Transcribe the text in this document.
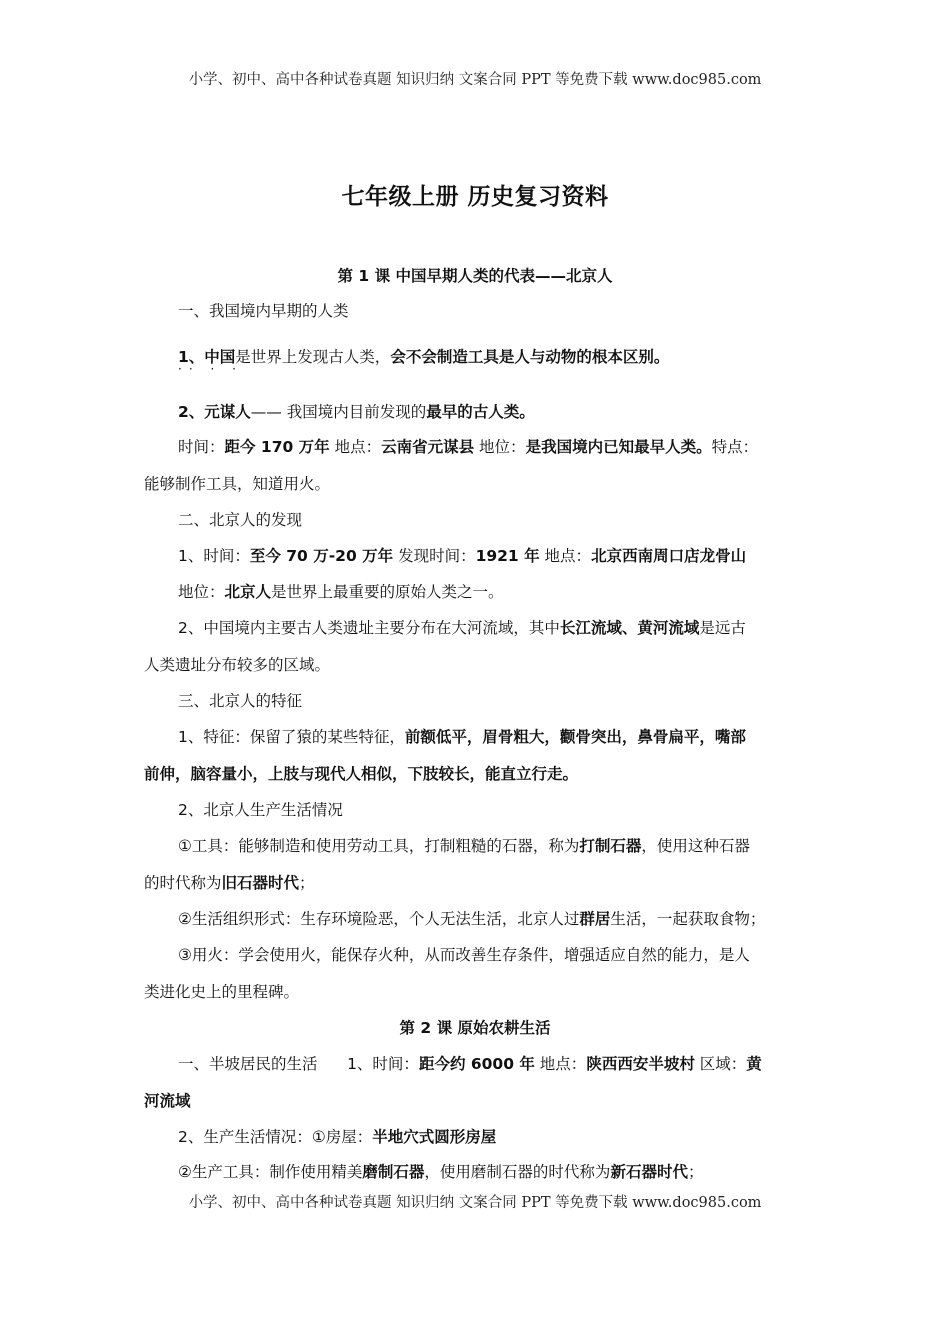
小学、初中、高中各种试卷真题 知识归纳 文案合同 PPT 等免费下载 www.doc985.com
七年级上册 历史复习资料
第 1 课 中国早期人类的代表——北京人
一、我国境内早期的人类
1、中国是世界上发现古人类，会不会制造工具是人与动物的根本区别。
·· · ·
2、元谋人—— 我国境内目前发现的最早的古人类。
时间：距今 170 万年 地点：云南省元谋县 地位：是我国境内已知最早人类。特点：
能够制作工具，知道用火。
二、北京人的发现
1、时间：至今 70 万-20 万年 发现时间：1921 年 地点：北京西南周口店龙骨山
地位：北京人是世界上最重要的原始人类之一。
2、中国境内主要古人类遗址主要分布在大河流域，其中长江流域、黄河流域是远古
人类遗址分布较多的区域。
三、北京人的特征
1、特征：保留了猿的某些特征，前额低平，眉骨粗大，颧骨突出，鼻骨扁平，嘴部
前伸，脑容量小，上肢与现代人相似，下肢较长，能直立行走。
2、北京人生产生活情况
①工具：能够制造和使用劳动工具，打制粗糙的石器，称为打制石器，使用这种石器
的时代称为旧石器时代；
②生活组织形式：生存环境险恶，个人无法生活，北京人过群居生活，一起获取食物；
③用火：学会使用火，能保存火种，从而改善生存条件，增强适应自然的能力，是人
类进化史上的里程碑。
第 2 课 原始农耕生活
一、半坡居民的生活      1、时间：距今约 6000 年 地点：陕西西安半坡村 区域：黄
河流域
2、生产生活情况：①房屋：半地穴式圆形房屋
②生产工具：制作使用精美磨制石器，使用磨制石器的时代称为新石器时代；
小学、初中、高中各种试卷真题 知识归纳 文案合同 PPT 等免费下载 www.doc985.com
